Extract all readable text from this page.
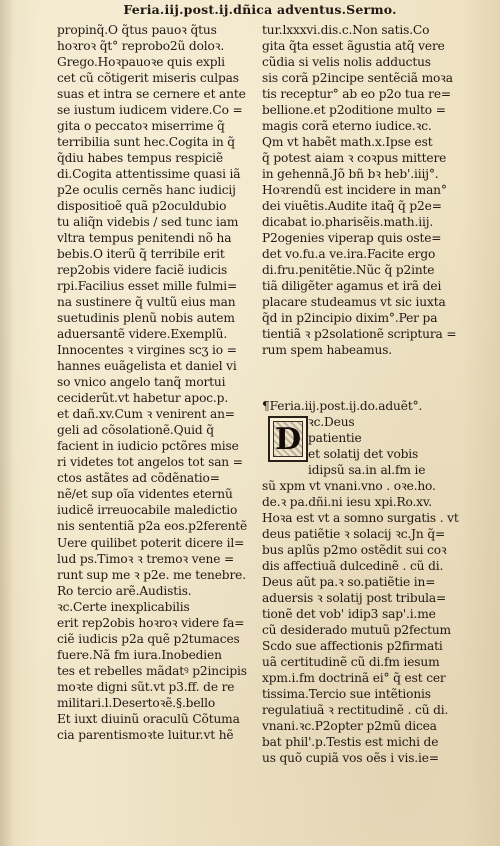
Feria.iij.post.ij.dñica adventus.Sermo.
propinq̃.O q̃tus pauoꝛ q̃tus
hoꝛroꝛ q̃t° reprobo2ũ doloꝛ.
Grego.Hoꝛpauoꝛe quis expli
cet cũ cõtigerit miseris culpas
suas et intra se cernere et ante
se iustum iudicem videre.Co =
gita o peccatoꝛ miserrime q̃
terribilia sunt hec.Cogita in q̃
q̃diu habes tempus respiciẽ
di.Cogita attentissime quasi iã
p2e oculis cernẽs hanc iudicij
dispositioẽ quã p2oculdubio
tu aliq̃n videbis / sed tunc iam
vltra tempus penitendi nõ ha
bebis.O iterũ q̃ terribile erit
rep2obis videre faciẽ iudicis
rpi.Facilius esset mille fulmi=
na sustinere q̃ vultũ eius man
suetudinis plenũ nobis autem
aduersantẽ videre.Exemplũ.
Innocentes ꝛ virgines scʒ io =
hannes euãgelista et daniel vi
so vnico angelo tanq̃ mortui
ceciderũt.vt habetur apoc.p.
et dañ.xv.Cum ꝛ venirent an=
geli ad cõsolationẽ.Quid q̃
facient in iudicio pctõres mise
ri videtes tot angelos tot san =
ctos astãtes ad cõdẽnatio=
nẽ/et sup oĩa videntes eternũ
iudicẽ irreuocabile maledictio
nis sententiã p2a eos.p2ferentẽ
Uere quilibet poterit dicere il=
lud ps.Timoꝛ ꝛ tremoꝛ vene =
runt sup me ꝛ p2e. me tenebre.
Ro tercio arẽ.Audistis.
ꝛc.Certe inexplicabilis
erit rep2obis hoꝛroꝛ videre fa=
ciẽ iudicis p2a quẽ p2tumaces
fuere.Nã fm iura.Inobedien
tes et rebelles mãdatꝰ p2incipis
moꝛte digni sũt.vt p3.ff. de re
militari.l.Desertoꝛẽ.§.bello
Et iuxt diuinũ oraculũ Cõtuma
cia parentismoꝛte luitur.vt hẽ
tur.lxxxvi.dis.c.Non satis.Co
gita q̃ta esset ãgustia atq̃ vere
cũdia si velis nolis adductus
sis corã p2incipe sentẽciã moꝛa
tis receptur° ab eo p2o tua re=
bellione.et p2oditione multo =
magis corã eterno iudice.ꝛc.
Qm vt habẽt math.x.Ipse est
q̃ potest aiam ꝛ coꝛpus mittere
in gehennã.Jõ bñ bꝛ heb'.iiij°.
Hoꝛrendũ est incidere in man°
dei viuẽtis.Audite itaq̃ q̃ p2e=
dicabat io.pharisẽis.math.iij.
P2ogenies viperap quis oste=
det vo.fu.a ve.ira.Facite ergo
di.fru.penitẽtie.Nũc q̃ p2inte
tiã diligẽter agamus et irã dei
placare studeamus vt sic iuxta
q̃d in p2incipio dixim°.Per pa
tientiã ꝛ p2solationẽ scriptura =
rum spem habeamus.
¶Feria.iij.post.ij.do.aduẽt°.
D ꝛc.Deus
patientie
et solatij det vobis
idipsũ sa.in al.fm ie
sũ xpm vt vnani.vno . oꝛe.ho.
de.ꝛ pa.dñi.ni iesu xpi.Ro.xv.
Hoꝛa est vt a somno surgatis . vt
deus patiẽtie ꝛ solacij ꝛc.Jn q̃=
bus aplũs p2mo ostẽdit sui coꝛ
dis affectiuã dulcedinẽ . cũ di.
Deus aũt pa.ꝛ so.patiẽtie in=
aduersis ꝛ solatij post tribula=
tionẽ det vob' idip3 sap'.i.me
cũ desiderado mutuũ p2fectum
Scdo sue affectionis p2firmati
uã certitudinẽ cũ di.fm iesum
xpm.i.fm doctrinã ei° q̃ est cer
tissima.Tercio sue intẽtionis
regulatiuã ꝛ rectitudinẽ . cũ di.
vnani.ꝛc.P2opter p2mũ dicea
bat phil'.p.Testis est michi de
us quõ cupiã vos oẽs i vis.ie=
